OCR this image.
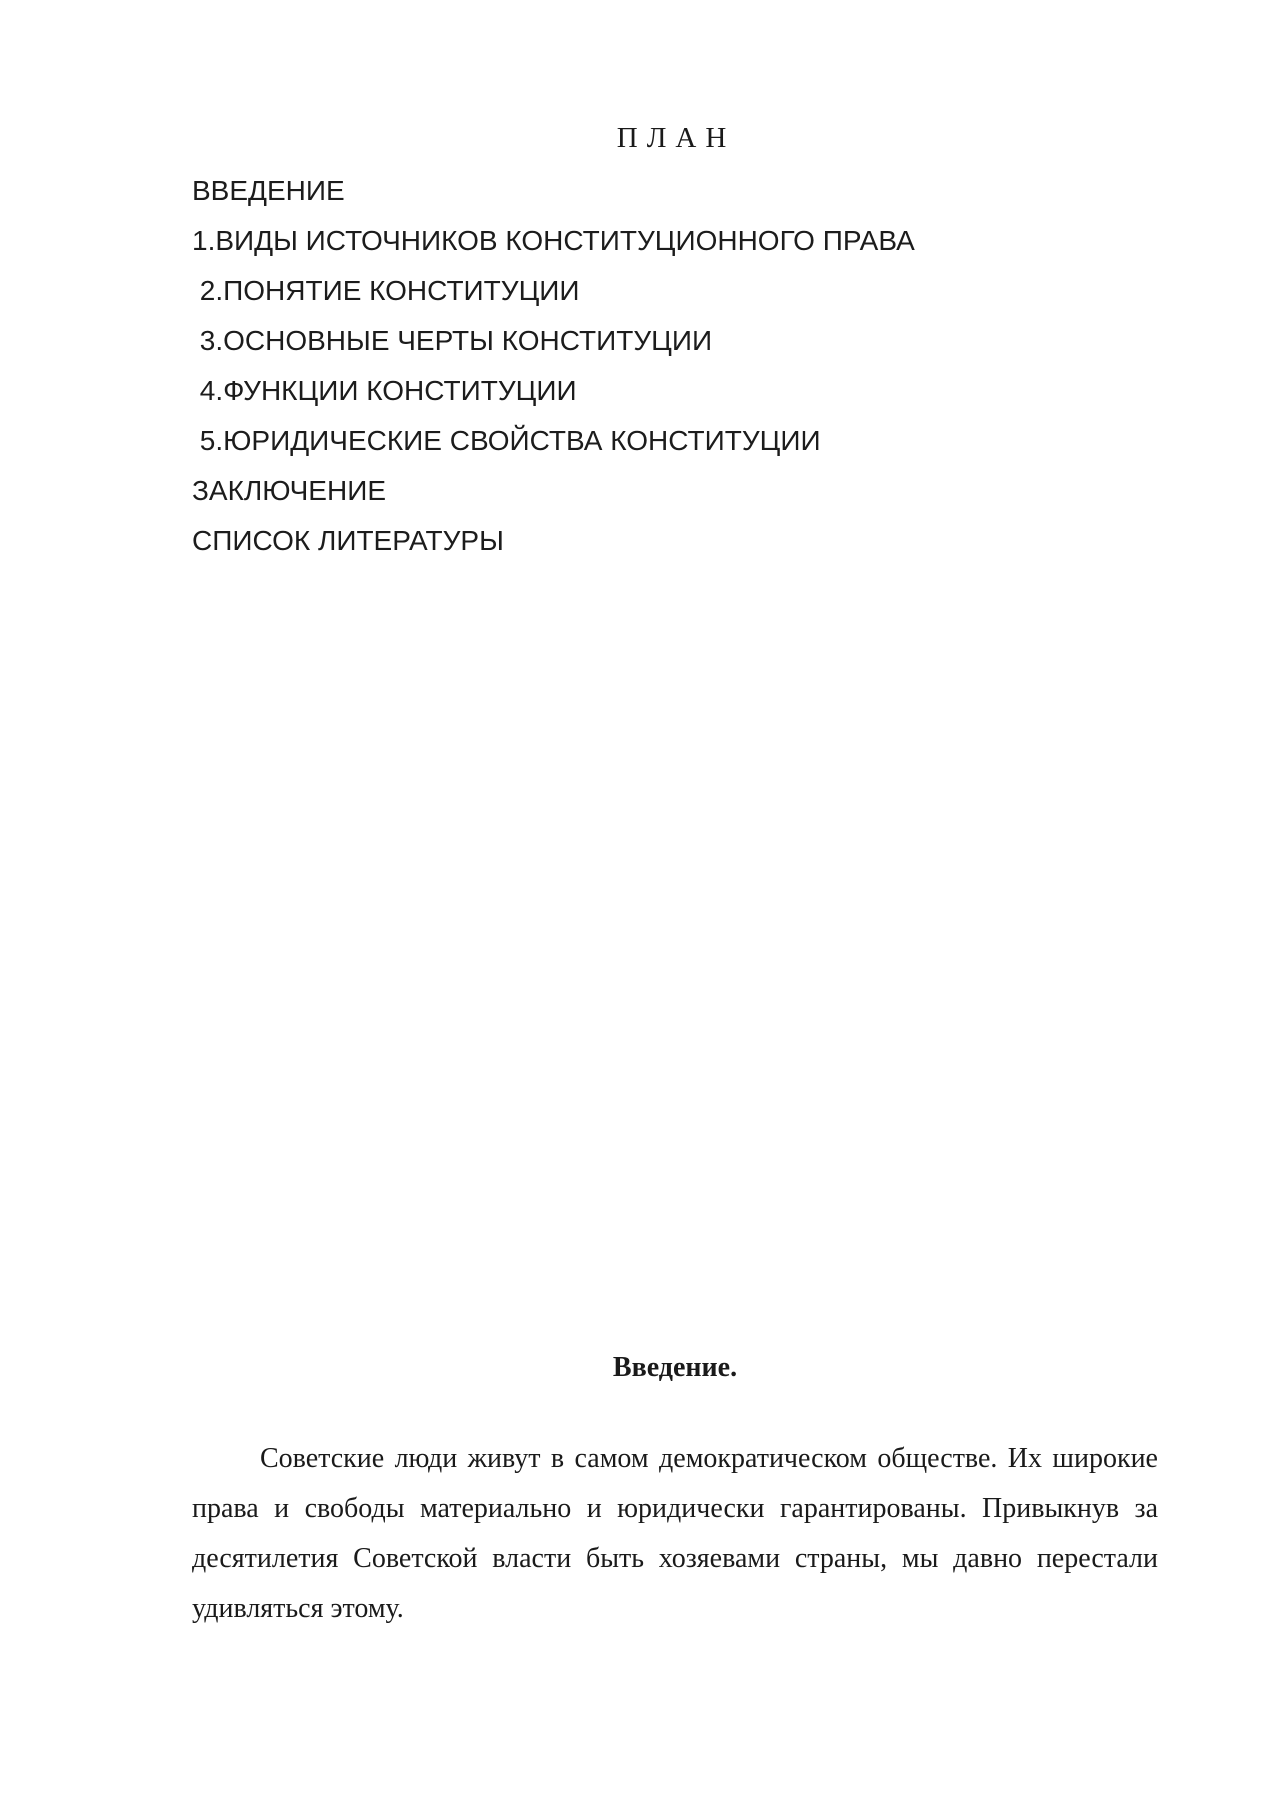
П Л А Н
ВВЕДЕНИЕ
1.ВИДЫ ИСТОЧНИКОВ КОНСТИТУЦИОННОГО ПРАВА
2.ПОНЯТИЕ КОНСТИТУЦИИ
3.ОСНОВНЫЕ ЧЕРТЫ КОНСТИТУЦИИ
4.ФУНКЦИИ КОНСТИТУЦИИ
5.ЮРИДИЧЕСКИЕ СВОЙСТВА КОНСТИТУЦИИ
ЗАКЛЮЧЕНИЕ
СПИСОК ЛИТЕРАТУРЫ
Введение.

Советские люди живут в самом демократическом обществе. Их широкие права и свободы материально и юридически гарантированы. Привыкнув за десятилетия Советской власти быть хозяевами страны, мы давно перестали удивляться этому.
